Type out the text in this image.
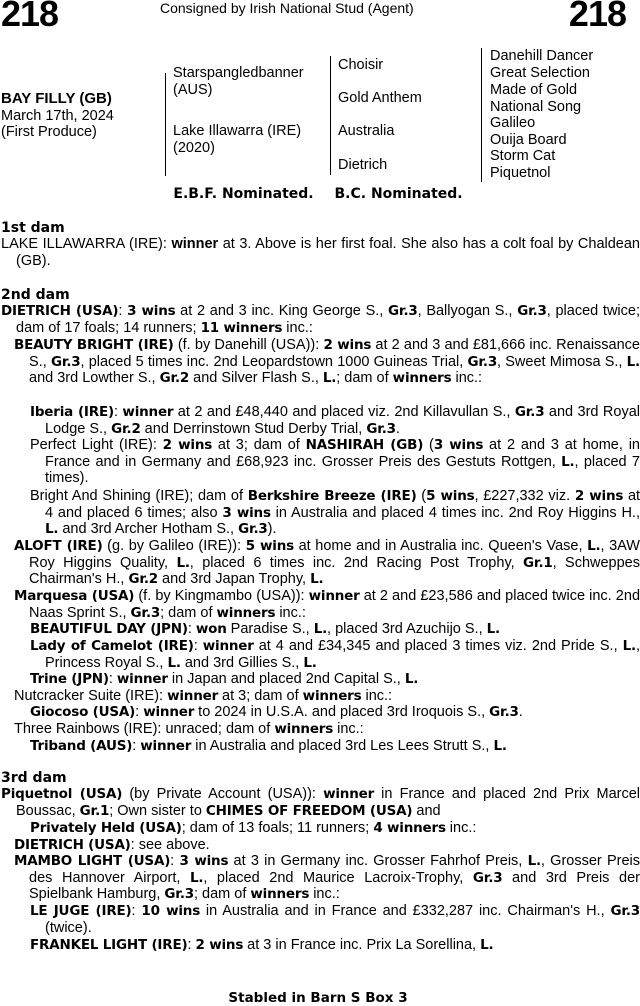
218	Consigned by Irish National Stud (Agent)	218
BAY FILLY (GB)
March 17th, 2024
(First Produce)
Starspangledbanner (AUS)
Lake Illawarra (IRE) (2020)
Choisir
Gold Anthem
Australia
Dietrich
Danehill Dancer
Great Selection
Made of Gold
National Song
Galileo
Ouija Board
Storm Cat
Piquetnol
E.B.F. Nominated. B.C. Nominated.
1st dam
LAKE ILLAWARRA (IRE): winner at 3. Above is her first foal. She also has a colt foal by Chaldean (GB).
2nd dam
DIETRICH (USA): 3 wins at 2 and 3 inc. King George S., Gr.3, Ballyogan S., Gr.3, placed twice; dam of 17 foals; 14 runners; 11 winners inc.:
BEAUTY BRIGHT (IRE) (f. by Danehill (USA)): 2 wins at 2 and 3 and £81,666 inc. Renaissance S., Gr.3, placed 5 times inc. 2nd Leopardstown 1000 Guineas Trial, Gr.3, Sweet Mimosa S., L. and 3rd Lowther S., Gr.2 and Silver Flash S., L.; dam of winners inc.:
Iberia (IRE): winner at 2 and £48,440 and placed viz. 2nd Killavullan S., Gr.3 and 3rd Royal Lodge S., Gr.2 and Derrinstown Stud Derby Trial, Gr.3.
Perfect Light (IRE): 2 wins at 3; dam of NASHIRAH (GB) (3 wins at 2 and 3 at home, in France and in Germany and £68,923 inc. Grosser Preis des Gestuts Rottgen, L., placed 7 times).
Bright And Shining (IRE); dam of Berkshire Breeze (IRE) (5 wins, £227,332 viz. 2 wins at 4 and placed 6 times; also 3 wins in Australia and placed 4 times inc. 2nd Roy Higgins H., L. and 3rd Archer Hotham S., Gr.3).
ALOFT (IRE) (g. by Galileo (IRE)): 5 wins at home and in Australia inc. Queen's Vase, L., 3AW Roy Higgins Quality, L., placed 6 times inc. 2nd Racing Post Trophy, Gr.1, Schweppes Chairman's H., Gr.2 and 3rd Japan Trophy, L.
Marquesa (USA) (f. by Kingmambo (USA)): winner at 2 and £23,586 and placed twice inc. 2nd Naas Sprint S., Gr.3; dam of winners inc.:
BEAUTIFUL DAY (JPN): won Paradise S., L., placed 3rd Azuchijo S., L.
Lady of Camelot (IRE): winner at 4 and £34,345 and placed 3 times viz. 2nd Pride S., L., Princess Royal S., L. and 3rd Gillies S., L.
Trine (JPN): winner in Japan and placed 2nd Capital S., L.
Nutcracker Suite (IRE): winner at 3; dam of winners inc.:
Giocoso (USA): winner to 2024 in U.S.A. and placed 3rd Iroquois S., Gr.3.
Three Rainbows (IRE): unraced; dam of winners inc.:
Triband (AUS): winner in Australia and placed 3rd Les Lees Strutt S., L.
3rd dam
Piquetnol (USA) (by Private Account (USA)): winner in France and placed 2nd Prix Marcel Boussac, Gr.1; Own sister to CHIMES OF FREEDOM (USA) and
Privately Held (USA); dam of 13 foals; 11 runners; 4 winners inc.:
DIETRICH (USA): see above.
MAMBO LIGHT (USA): 3 wins at 3 in Germany inc. Grosser Fahrhof Preis, L., Grosser Preis des Hannover Airport, L., placed 2nd Maurice Lacroix-Trophy, Gr.3 and 3rd Preis der Spielbank Hamburg, Gr.3; dam of winners inc.:
LE JUGE (IRE): 10 wins in Australia and in France and £332,287 inc. Chairman's H., Gr.3 (twice).
FRANKEL LIGHT (IRE): 2 wins at 3 in France inc. Prix La Sorellina, L.
Stabled in Barn S Box 3
